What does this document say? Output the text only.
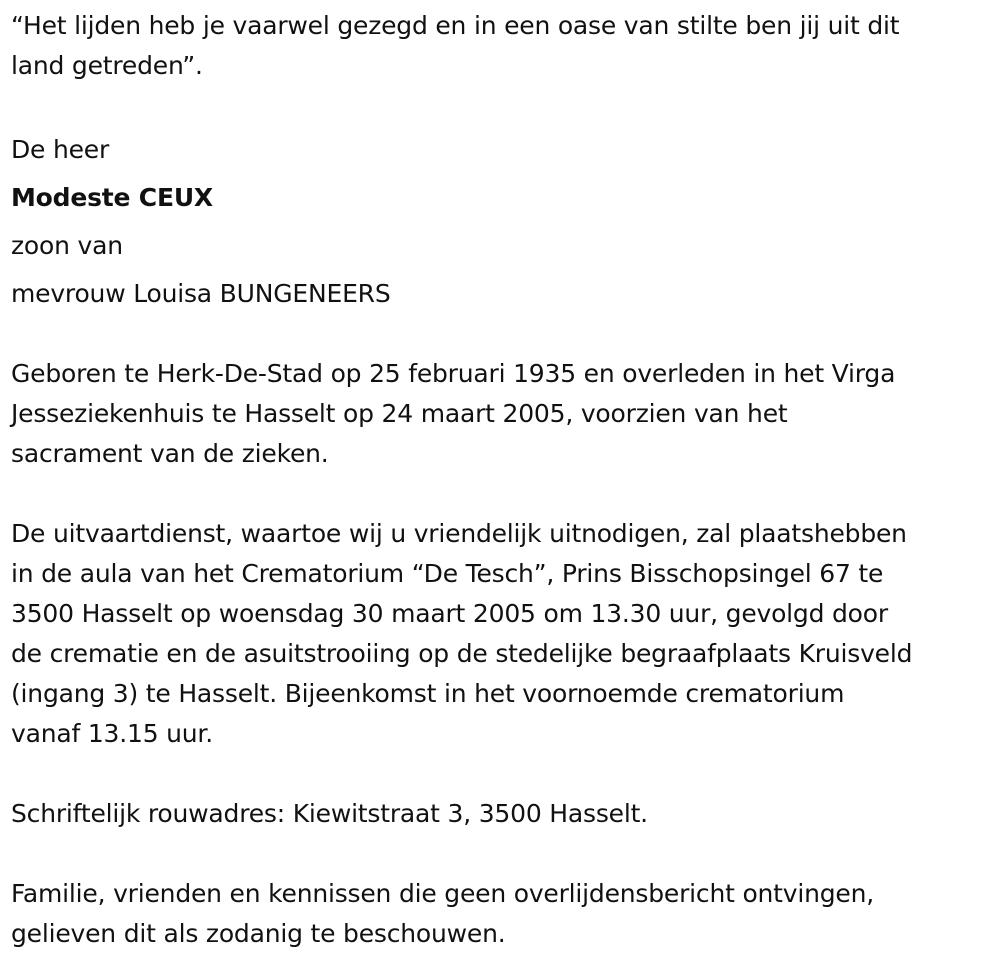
“Het lijden heb je vaarwel gezegd en in een oase van stilte ben jij uit dit
land getreden”.

De heer
Modeste CEUX
zoon van
mevrouw Louisa BUNGENEERS

Geboren te Herk-De-Stad op 25 februari 1935 en overleden in het Virga
Jesseziekenhuis te Hasselt op 24 maart 2005, voorzien van het
sacrament van de zieken.

De uitvaartdienst, waartoe wij u vriendelijk uitnodigen, zal plaatshebben
in de aula van het Crematorium “De Tesch”, Prins Bisschopsingel 67 te
3500 Hasselt op woensdag 30 maart 2005 om 13.30 uur, gevolgd door
de crematie en de asuitstrooiing op de stedelijke begraafplaats Kruisveld
(ingang 3) te Hasselt. Bijeenkomst in het voornoemde crematorium
vanaf 13.15 uur.

Schriftelijk rouwadres: Kiewitstraat 3, 3500 Hasselt.

Familie, vrienden en kennissen die geen overlijdensbericht ontvingen,
gelieven dit als zodanig te beschouwen.
